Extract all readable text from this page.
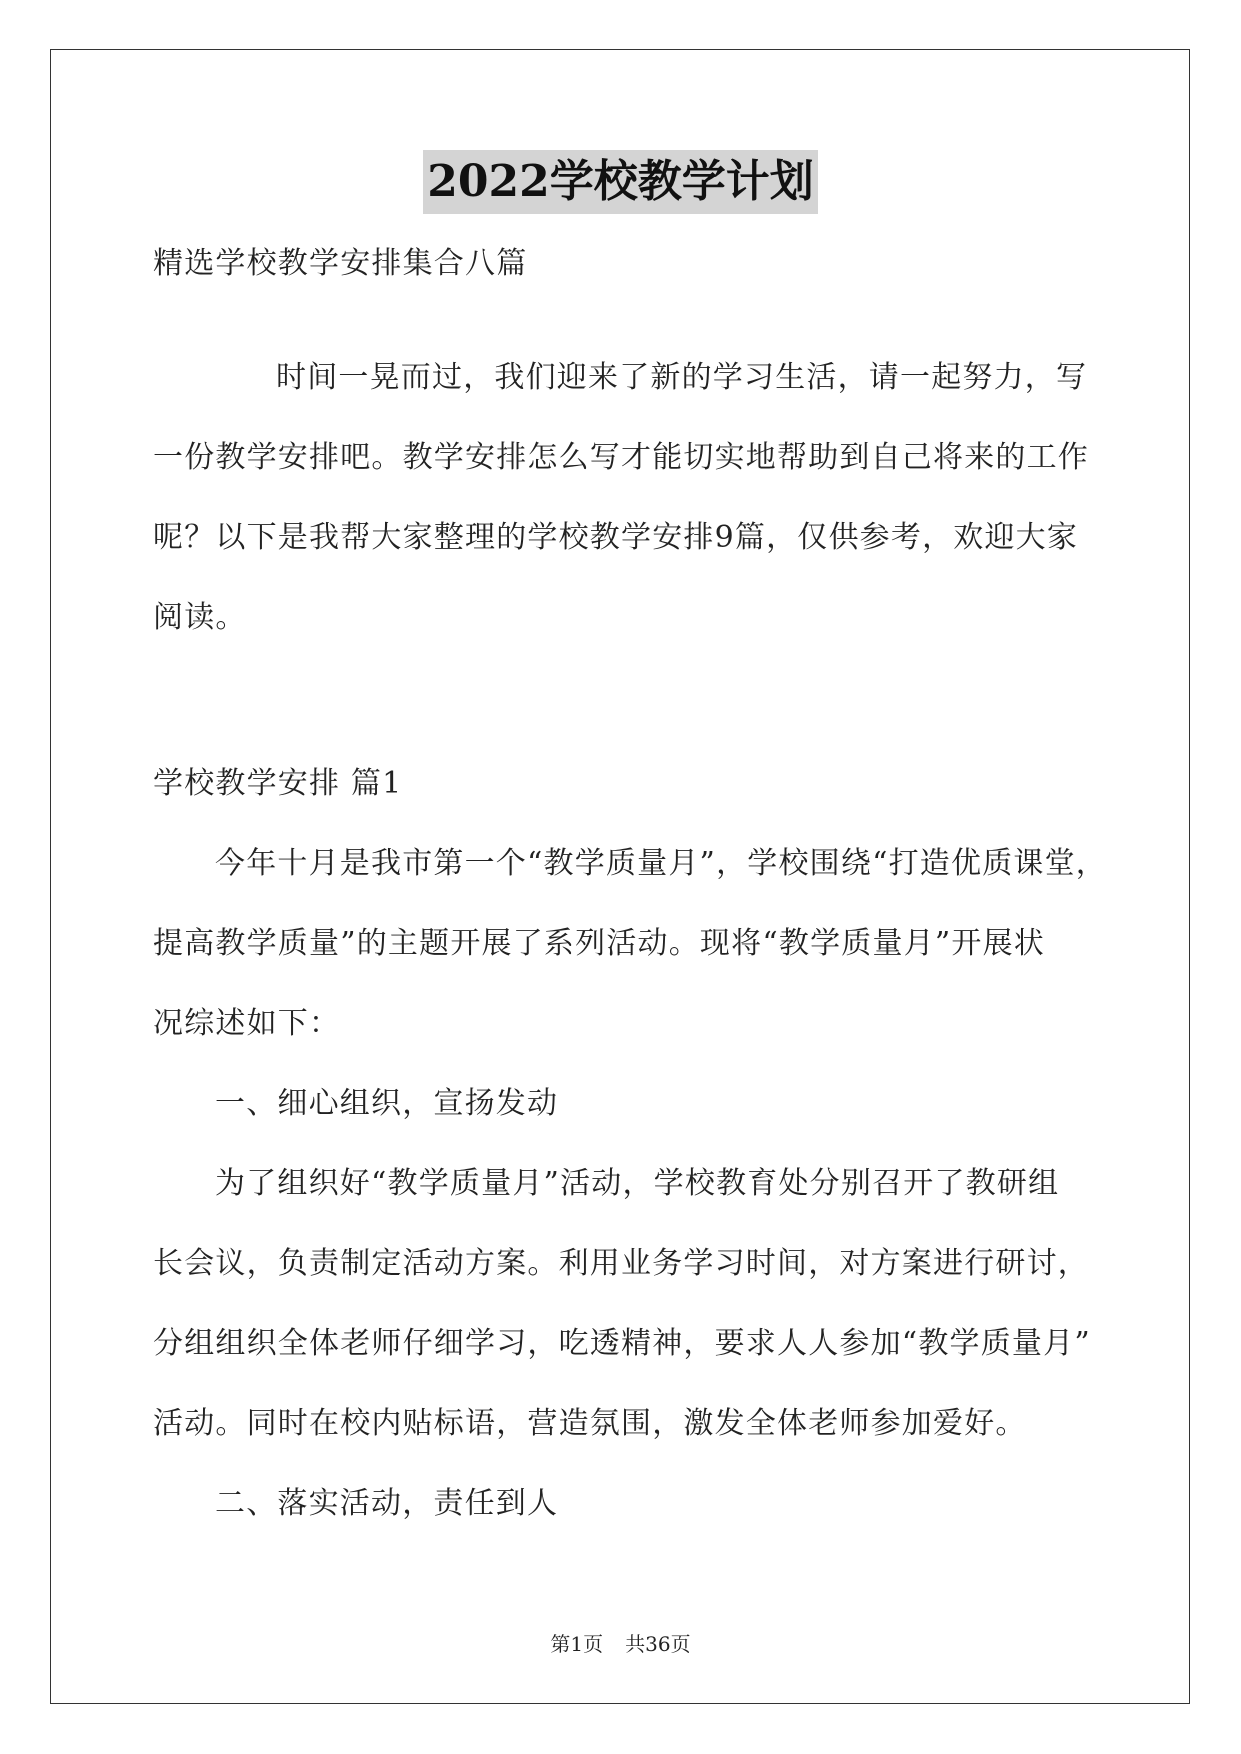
2022学校教学计划
精选学校教学安排集合八篇
时间一晃而过，我们迎来了新的学习生活，请一起努力，写
一份教学安排吧。教学安排怎么写才能切实地帮助到自己将来的工作
呢？以下是我帮大家整理的学校教学安排9篇，仅供参考，欢迎大家
阅读。
学校教学安排 篇1
今年十月是我市第一个“教学质量月”，学校围绕“打造优质课堂，
提高教学质量”的主题开展了系列活动。现将“教学质量月”开展状
况综述如下：
一、细心组织，宣扬发动
为了组织好“教学质量月”活动，学校教育处分别召开了教研组
长会议，负责制定活动方案。利用业务学习时间，对方案进行研讨，
分组组织全体老师仔细学习，吃透精神，要求人人参加“教学质量月”
活动。同时在校内贴标语，营造氛围，激发全体老师参加爱好。
二、落实活动，责任到人
第1页 共36页
